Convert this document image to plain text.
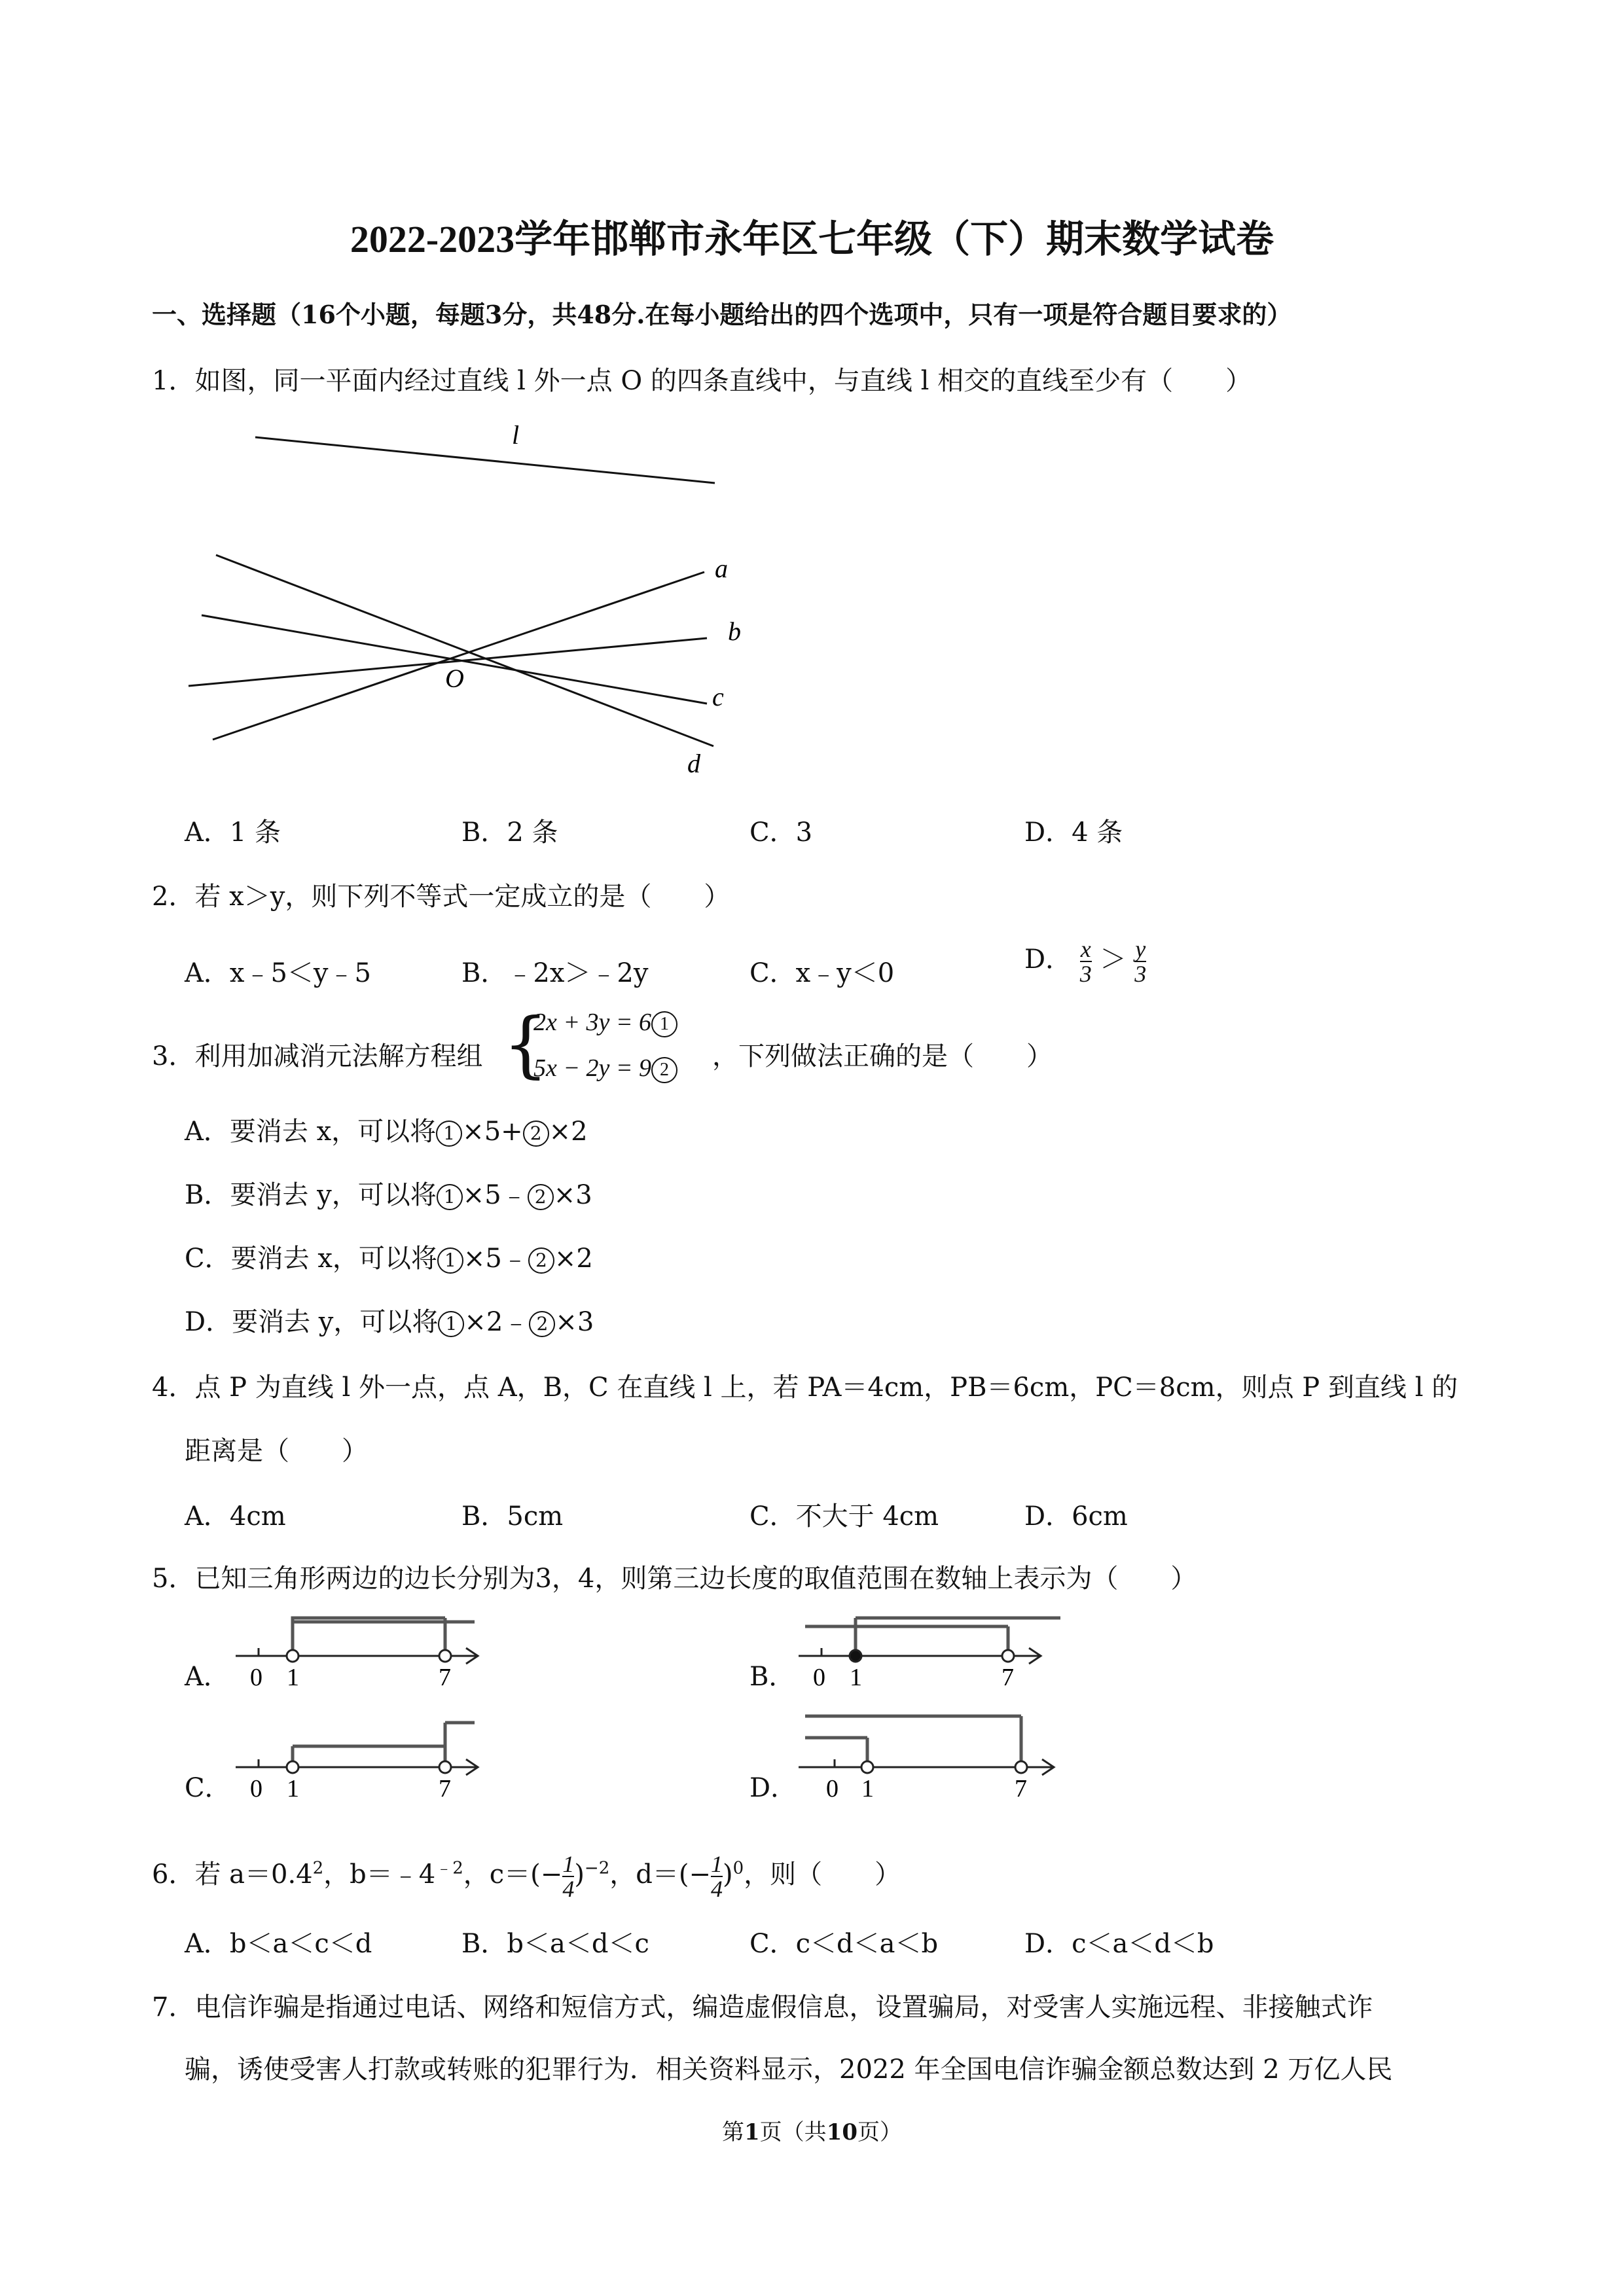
2022-2023学年邯郸市永年区七年级（下）期末数学试卷
一、选择题（16个小题，每题3分，共48分.在每小题给出的四个选项中，只有一项是符合题目要求的）
1．如图，同一平面内经过直线 l 外一点 O 的四条直线中，与直线 l 相交的直线至少有（　　）
l
O
a
b
c
d
A．1 条	B．2 条	C．3	D．4 条
2．若 x＞y，则下列不等式一定成立的是（　　）
A．x﹣5＜y﹣5	B．﹣2x＞﹣2y	C．x﹣y＜0	D． $\frac{x}{3} > \frac{y}{3}$
3．利用加减消元法解方程组 {
2x + 3y = 6 1
5x − 2y = 9 2	，下列做法正确的是（　　）
A．要消去 x，可以将 1 ×5+ 2 ×2
B．要消去 y，可以将 1 ×5﹣ 2 ×3
C．要消去 x，可以将 1 ×5﹣ 2 ×2
D．要消去 y，可以将 1 ×2﹣ 2 ×3
4．点 P 为直线 l 外一点，点 A，B，C 在直线 l 上，若 PA＝4cm，PB＝6cm，PC＝8cm，则点 P 到直线 l 的
距离是（　　）
A．4cm	B．5cm	C．不大于 4cm	D．6cm
5．已知三角形两边的边长分别为3，4，则第三边长度的取值范围在数轴上表示为（　　）
A． 0 1	7	B． 0 1	7
C． 0 1	7	D． 0 1	7
6．若 $a=0.4^2$，$b=﹣4^{﹣2}$，$c=(- \frac{1}{4} )^{-2}$，$d=(- \frac{1}{4} )^0$，则（　　）
A．b＜a＜c＜d	B．b＜a＜d＜c	C．c＜d＜a＜b	D．c＜a＜d＜b
7．电信诈骗是指通过电话、网络和短信方式，编造虚假信息，设置骗局，对受害人实施远程、非接触式诈
骗，诱使受害人打款或转账的犯罪行为．相关资料显示，2022 年全国电信诈骗金额总数达到 2 万亿人民
第1页（共10页）
